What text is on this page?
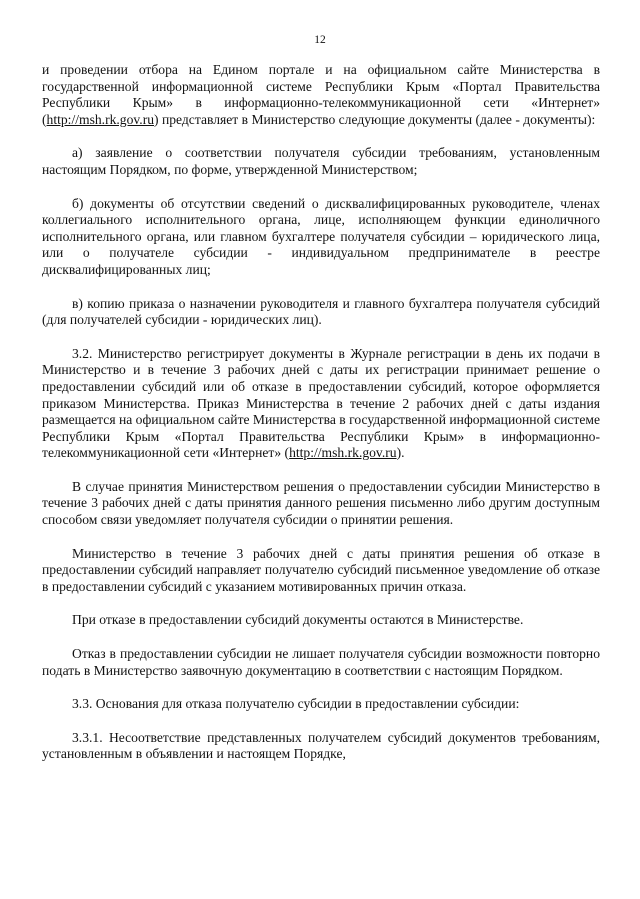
12

и проведении отбора на Едином портале и на официальном сайте Министерства в государственной информационной системе Республики Крым «Портал Правительства Республики Крым» в информационно-телекоммуникационной сети «Интернет» (http://msh.rk.gov.ru) представляет в Министерство следующие документы (далее - документы):

а) заявление о соответствии получателя субсидии требованиям, установленным настоящим Порядком, по форме, утвержденной Министерством;

б) документы об отсутствии сведений о дисквалифицированных руководителе, членах коллегиального исполнительного органа, лице, исполняющем функции единоличного исполнительного органа, или главном бухгалтере получателя субсидии – юридического лица, или о получателе субсидии - индивидуальном предпринимателе в реестре дисквалифицированных лиц;

в) копию приказа о назначении руководителя и главного бухгалтера получателя субсидий (для получателей субсидии - юридических лиц).

3.2. Министерство регистрирует документы в Журнале регистрации в день их подачи в Министерство и в течение 3 рабочих дней с даты их регистрации принимает решение о предоставлении субсидий или об отказе в предоставлении субсидий, которое оформляется приказом Министерства. Приказ Министерства в течение 2 рабочих дней с даты издания размещается на официальном сайте Министерства в государственной информационной системе Республики Крым «Портал Правительства Республики Крым» в информационно-телекоммуникационной сети «Интернет» (http://msh.rk.gov.ru).

В случае принятия Министерством решения о предоставлении субсидии Министерство в течение 3 рабочих дней с даты принятия данного решения письменно либо другим доступным способом связи уведомляет получателя субсидии о принятии решения.

Министерство в течение 3 рабочих дней с даты принятия решения об отказе в предоставлении субсидий направляет получателю субсидий письменное уведомление об отказе в предоставлении субсидий с указанием мотивированных причин отказа.

При отказе в предоставлении субсидий документы остаются в Министерстве.

Отказ в предоставлении субсидии не лишает получателя субсидии возможности повторно подать в Министерство заявочную документацию в соответствии с настоящим Порядком.

3.3. Основания для отказа получателю субсидии в предоставлении субсидии:

3.3.1. Несоответствие представленных получателем субсидий документов требованиям, установленным в объявлении и настоящем Порядке,
